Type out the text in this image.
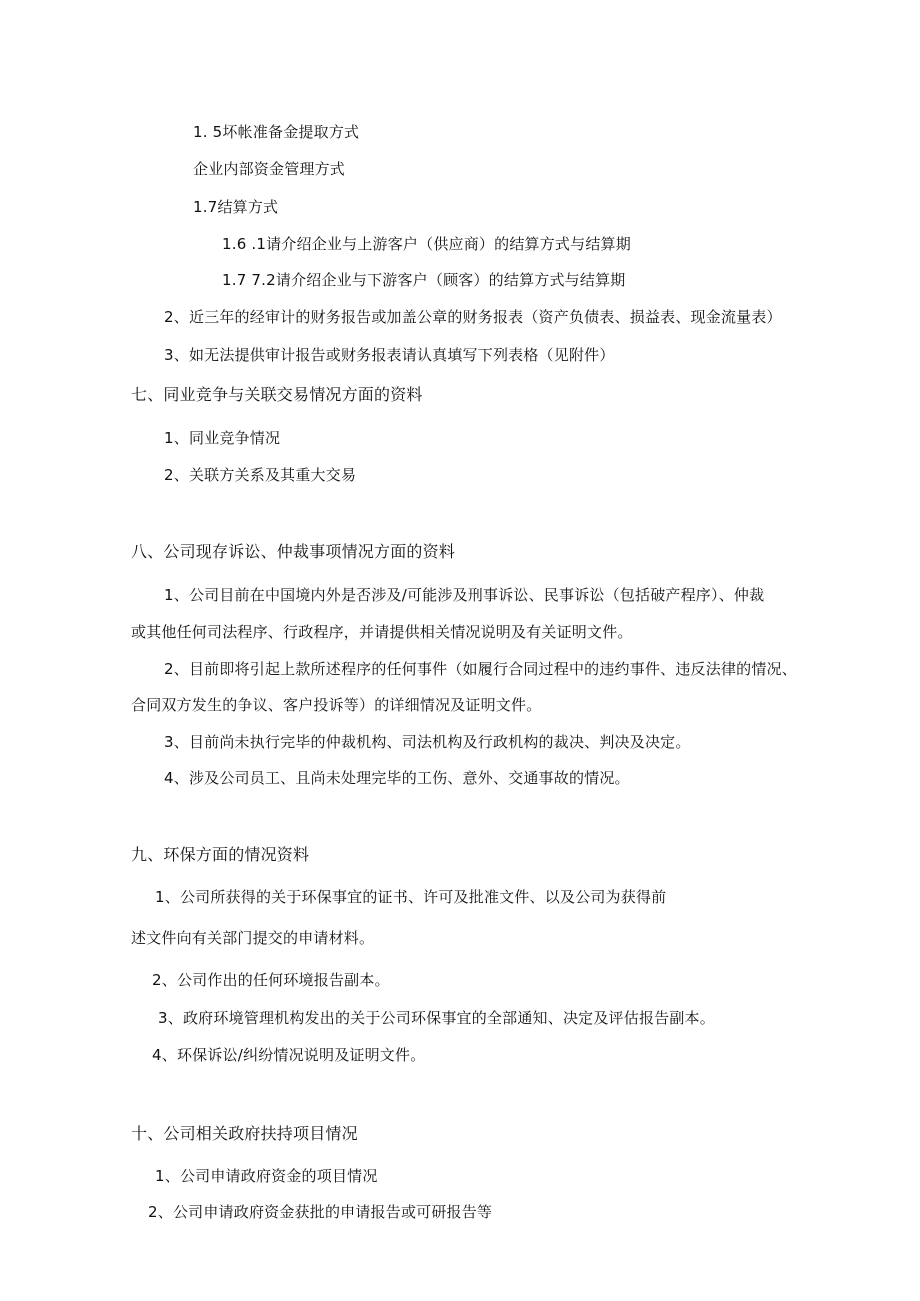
1. 5坏帐准备金提取方式
企业内部资金管理方式
1.7结算方式
1.6 .1请介绍企业与上游客户（供应商）的结算方式与结算期
1.7 7.2请介绍企业与下游客户（顾客）的结算方式与结算期
2、近三年的经审计的财务报告或加盖公章的财务报表（资产负债表、损益表、现金流量表）
3、如无法提供审计报告或财务报表请认真填写下列表格（见附件）
七、同业竞争与关联交易情况方面的资料
1、同业竞争情况
2、关联方关系及其重大交易
八、公司现存诉讼、仲裁事项情况方面的资料
1、公司目前在中国境内外是否涉及/可能涉及刑事诉讼、民事诉讼（包括破产程序）、仲裁
或其他任何司法程序、行政程序，并请提供相关情况说明及有关证明文件。
2、目前即将引起上款所述程序的任何事件（如履行合同过程中的违约事件、违反法律的情况、
合同双方发生的争议、客户投诉等）的详细情况及证明文件。
3、目前尚未执行完毕的仲裁机构、司法机构及行政机构的裁决、判决及决定。
4、涉及公司员工、且尚未处理完毕的工伤、意外、交通事故的情况。
九、环保方面的情况资料
1、公司所获得的关于环保事宜的证书、许可及批准文件、以及公司为获得前
述文件向有关部门提交的申请材料。
2、公司作出的任何环境报告副本。
3、政府环境管理机构发出的关于公司环保事宜的全部通知、决定及评估报告副本。
4、环保诉讼/纠纷情况说明及证明文件。
十、公司相关政府扶持项目情况
1、公司申请政府资金的项目情况
2、公司申请政府资金获批的申请报告或可研报告等
